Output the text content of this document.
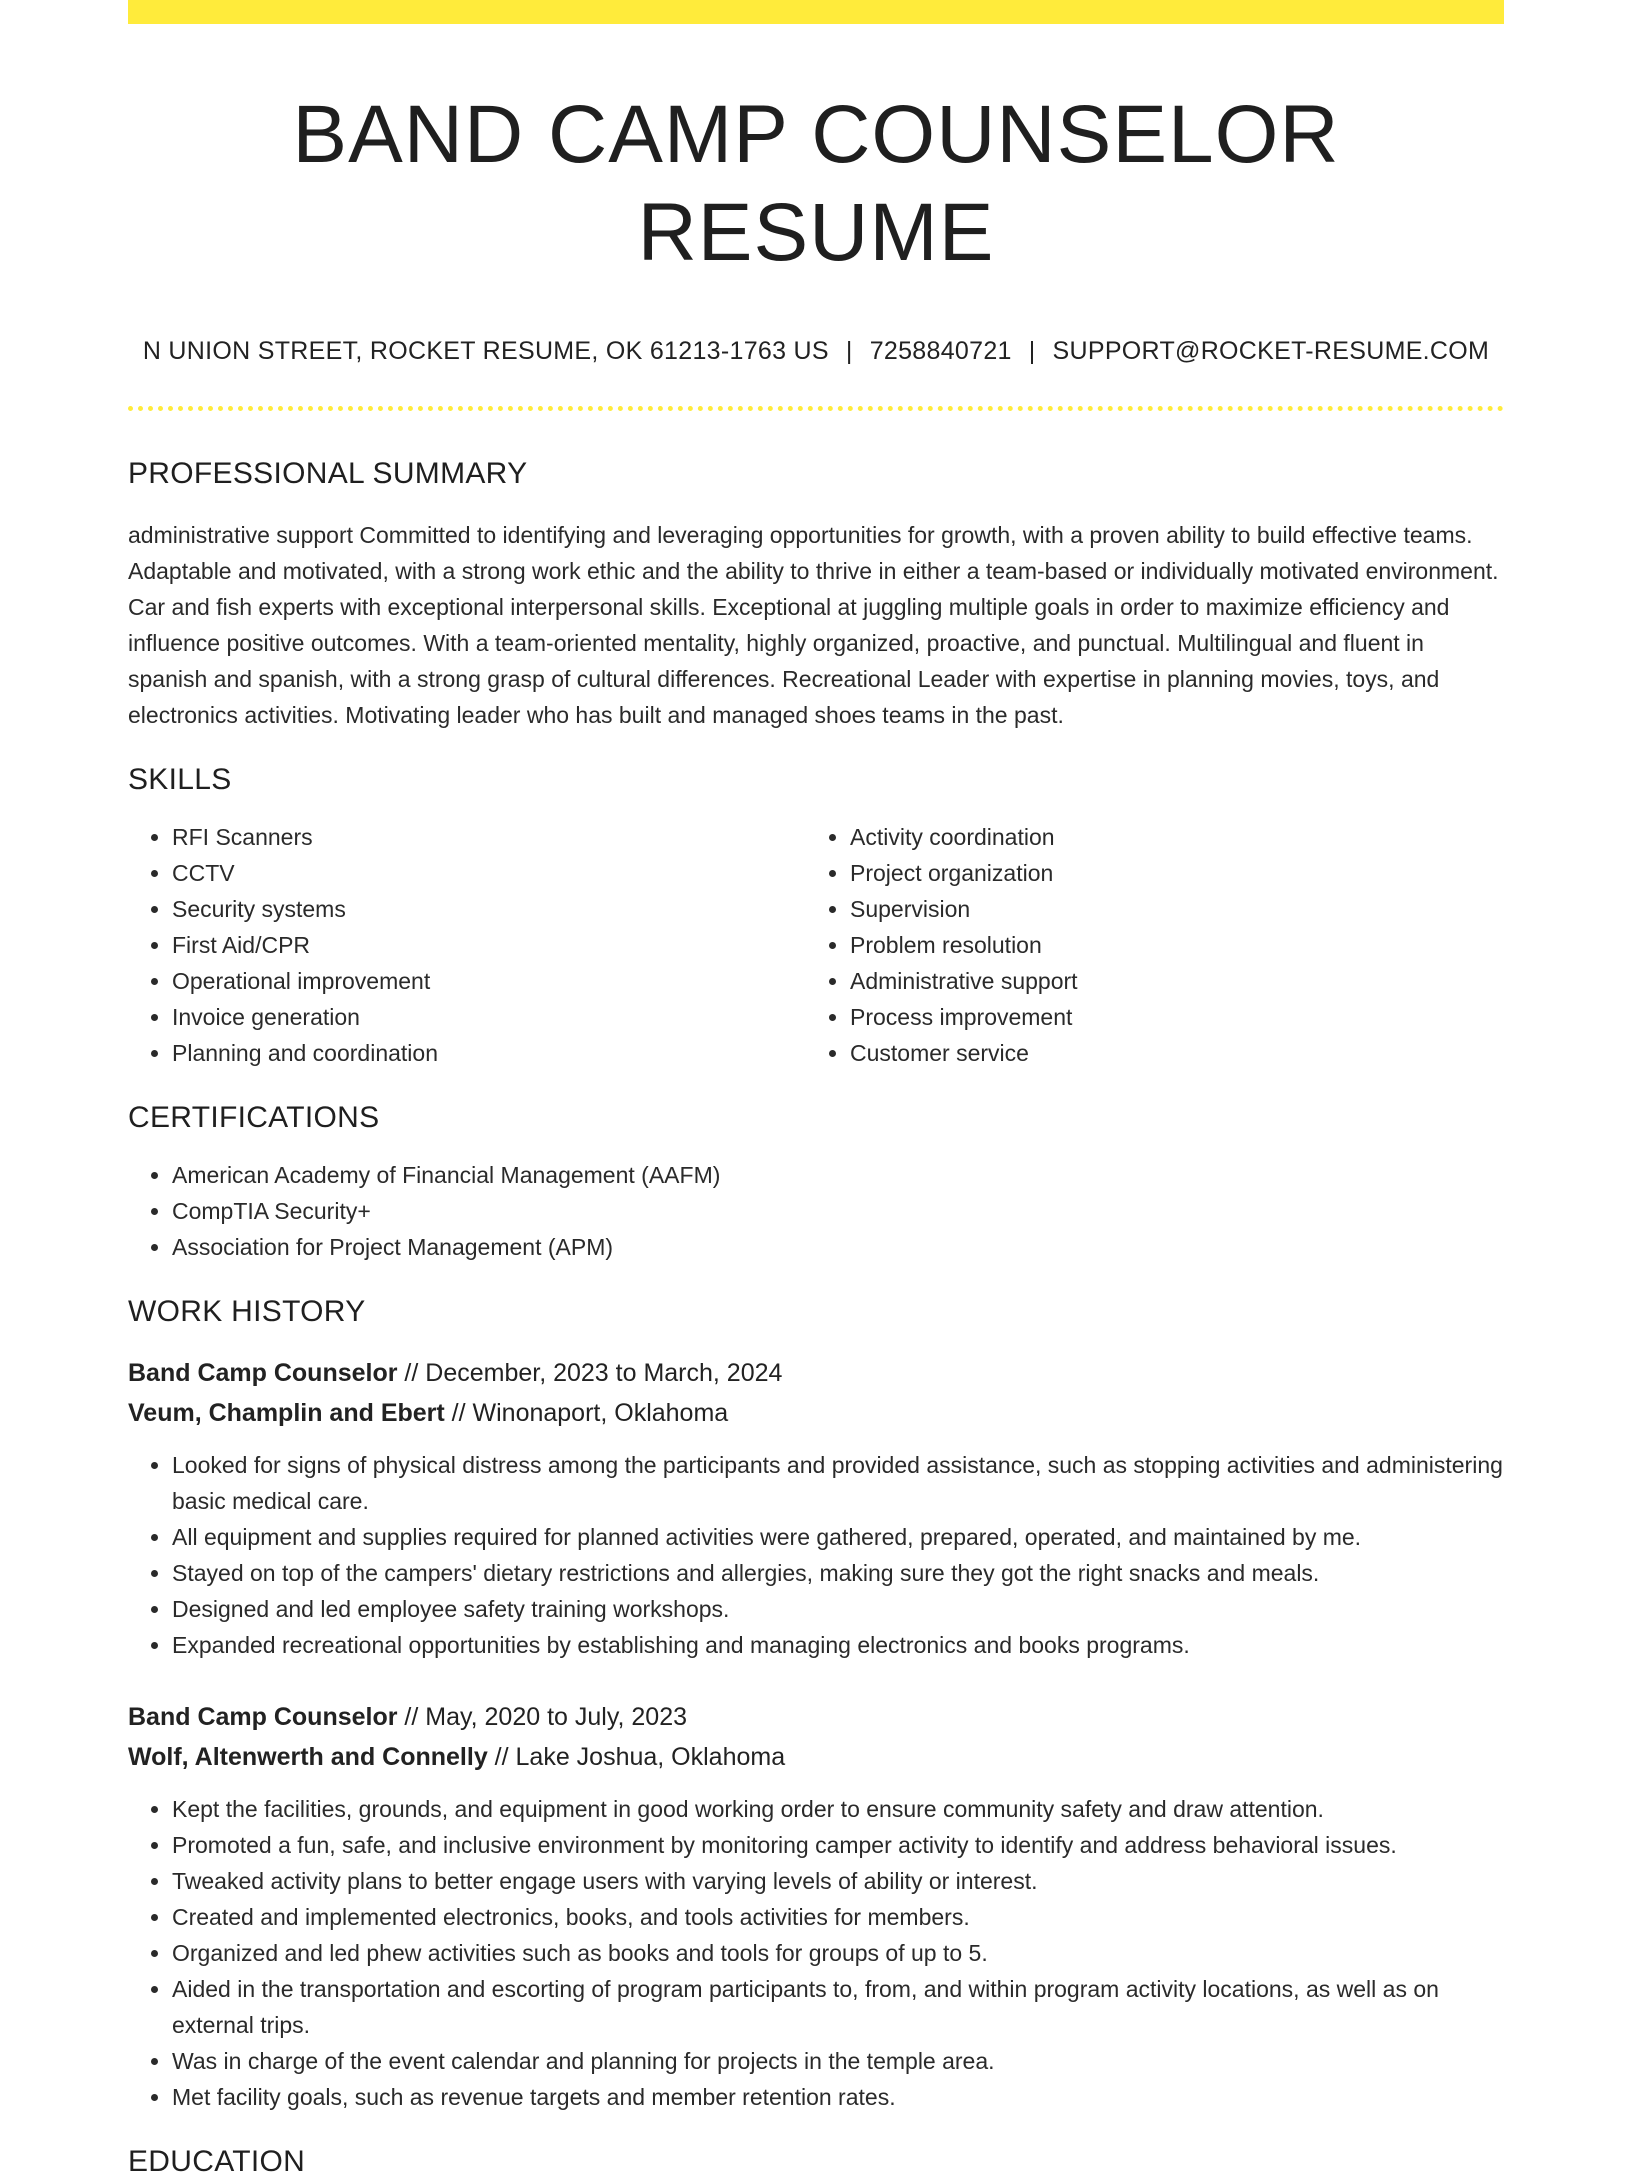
BAND CAMP COUNSELOR RESUME
N UNION STREET, ROCKET RESUME, OK 61213-1763 US | 7258840721 | SUPPORT@ROCKET-RESUME.COM
PROFESSIONAL SUMMARY

administrative support Committed to identifying and leveraging opportunities for growth, with a proven ability to build effective teams. Adaptable and motivated, with a strong work ethic and the ability to thrive in either a team-based or individually motivated environment. Car and fish experts with exceptional interpersonal skills. Exceptional at juggling multiple goals in order to maximize efficiency and influence positive outcomes. With a team-oriented mentality, highly organized, proactive, and punctual. Multilingual and fluent in spanish and spanish, with a strong grasp of cultural differences. Recreational Leader with expertise in planning movies, toys, and electronics activities. Motivating leader who has built and managed shoes teams in the past.

SKILLS
• RFI Scanners
• CCTV
• Security systems
• First Aid/CPR
• Operational improvement
• Invoice generation
• Planning and coordination
• Activity coordination
• Project organization
• Supervision
• Problem resolution
• Administrative support
• Process improvement
• Customer service
CERTIFICATIONS
• American Academy of Financial Management (AAFM)
• CompTIA Security+
• Association for Project Management (APM)
WORK HISTORY
Band Camp Counselor // December, 2023 to March, 2024
Veum, Champlin and Ebert // Winonaport, Oklahoma
• Looked for signs of physical distress among the participants and provided assistance, such as stopping activities and administering basic medical care.
• All equipment and supplies required for planned activities were gathered, prepared, operated, and maintained by me.
• Stayed on top of the campers' dietary restrictions and allergies, making sure they got the right snacks and meals.
• Designed and led employee safety training workshops.
• Expanded recreational opportunities by establishing and managing electronics and books programs.
Band Camp Counselor // May, 2020 to July, 2023
Wolf, Altenwerth and Connelly // Lake Joshua, Oklahoma
• Kept the facilities, grounds, and equipment in good working order to ensure community safety and draw attention.
• Promoted a fun, safe, and inclusive environment by monitoring camper activity to identify and address behavioral issues.
• Tweaked activity plans to better engage users with varying levels of ability or interest.
• Created and implemented electronics, books, and tools activities for members.
• Organized and led phew activities such as books and tools for groups of up to 5.
• Aided in the transportation and escorting of program participants to, from, and within program activity locations, as well as on external trips.
• Was in charge of the event calendar and planning for projects in the temple area.
• Met facility goals, such as revenue targets and member retention rates.
EDUCATION
